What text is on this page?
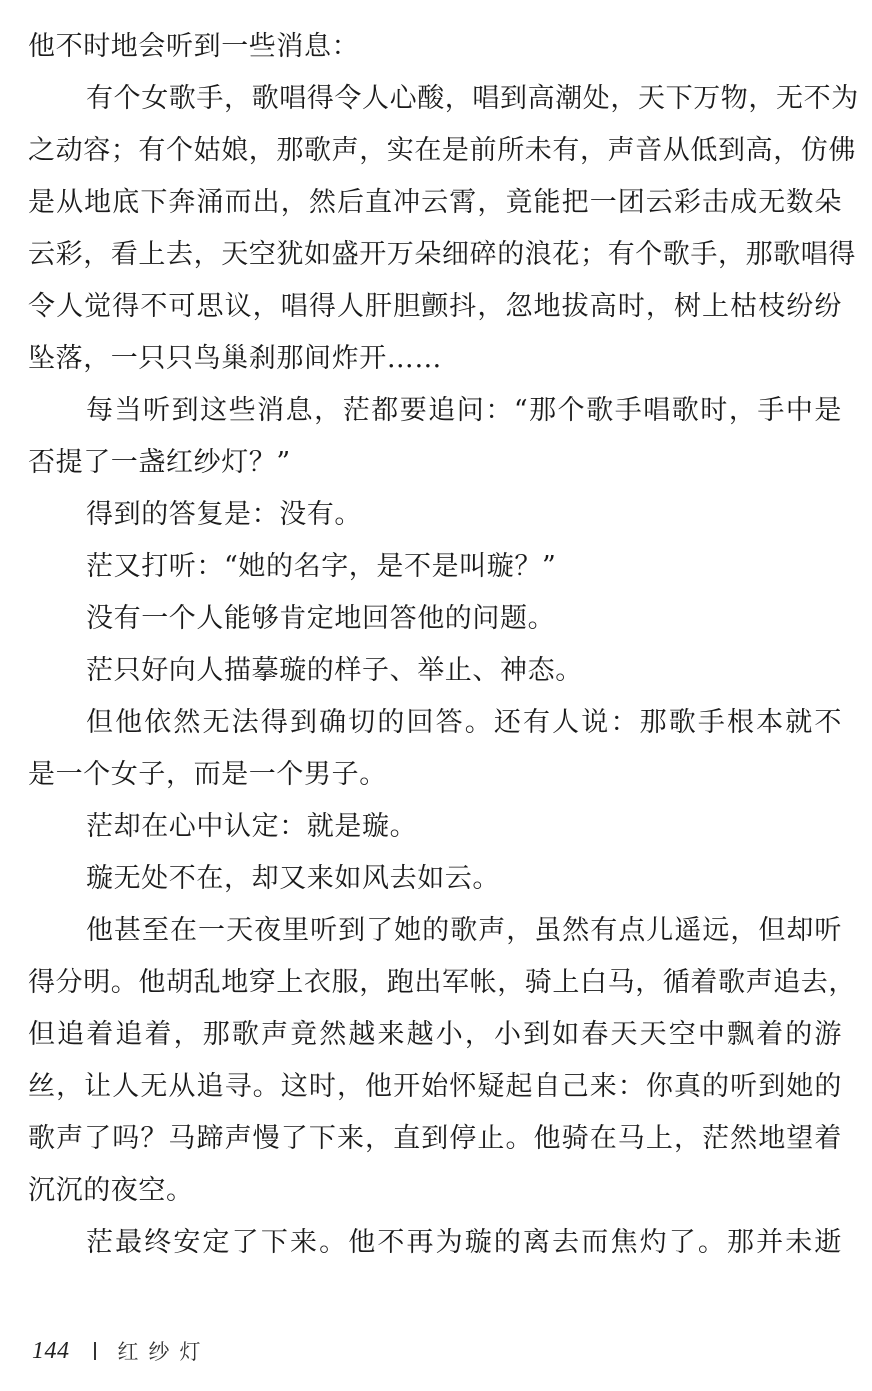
他不时地会听到一些消息：
有个女歌手，歌唱得令人心酸，唱到高潮处，天下万物，无不为
之动容；有个姑娘，那歌声，实在是前所未有，声音从低到高，仿佛
是从地底下奔涌而出，然后直冲云霄，竟能把一团云彩击成无数朵
云彩，看上去，天空犹如盛开万朵细碎的浪花；有个歌手，那歌唱得
令人觉得不可思议，唱得人肝胆颤抖，忽地拔高时，树上枯枝纷纷
坠落，一只只鸟巢刹那间炸开……
每当听到这些消息，茫都要追问：“那个歌手唱歌时，手中是
否提了一盏红纱灯？”
得到的答复是：没有。
茫又打听：“她的名字，是不是叫璇？”
没有一个人能够肯定地回答他的问题。
茫只好向人描摹璇的样子、举止、神态。
但他依然无法得到确切的回答。还有人说：那歌手根本就不
是一个女子，而是一个男子。
茫却在心中认定：就是璇。
璇无处不在，却又来如风去如云。
他甚至在一天夜里听到了她的歌声，虽然有点儿遥远，但却听
得分明。他胡乱地穿上衣服，跑出军帐，骑上白马，循着歌声追去，
但追着追着，那歌声竟然越来越小，小到如春天天空中飘着的游
丝，让人无从追寻。这时，他开始怀疑起自己来：你真的听到她的
歌声了吗？马蹄声慢了下来，直到停止。他骑在马上，茫然地望着
沉沉的夜空。
茫最终安定了下来。他不再为璇的离去而焦灼了。那并未逝
144 红纱灯
